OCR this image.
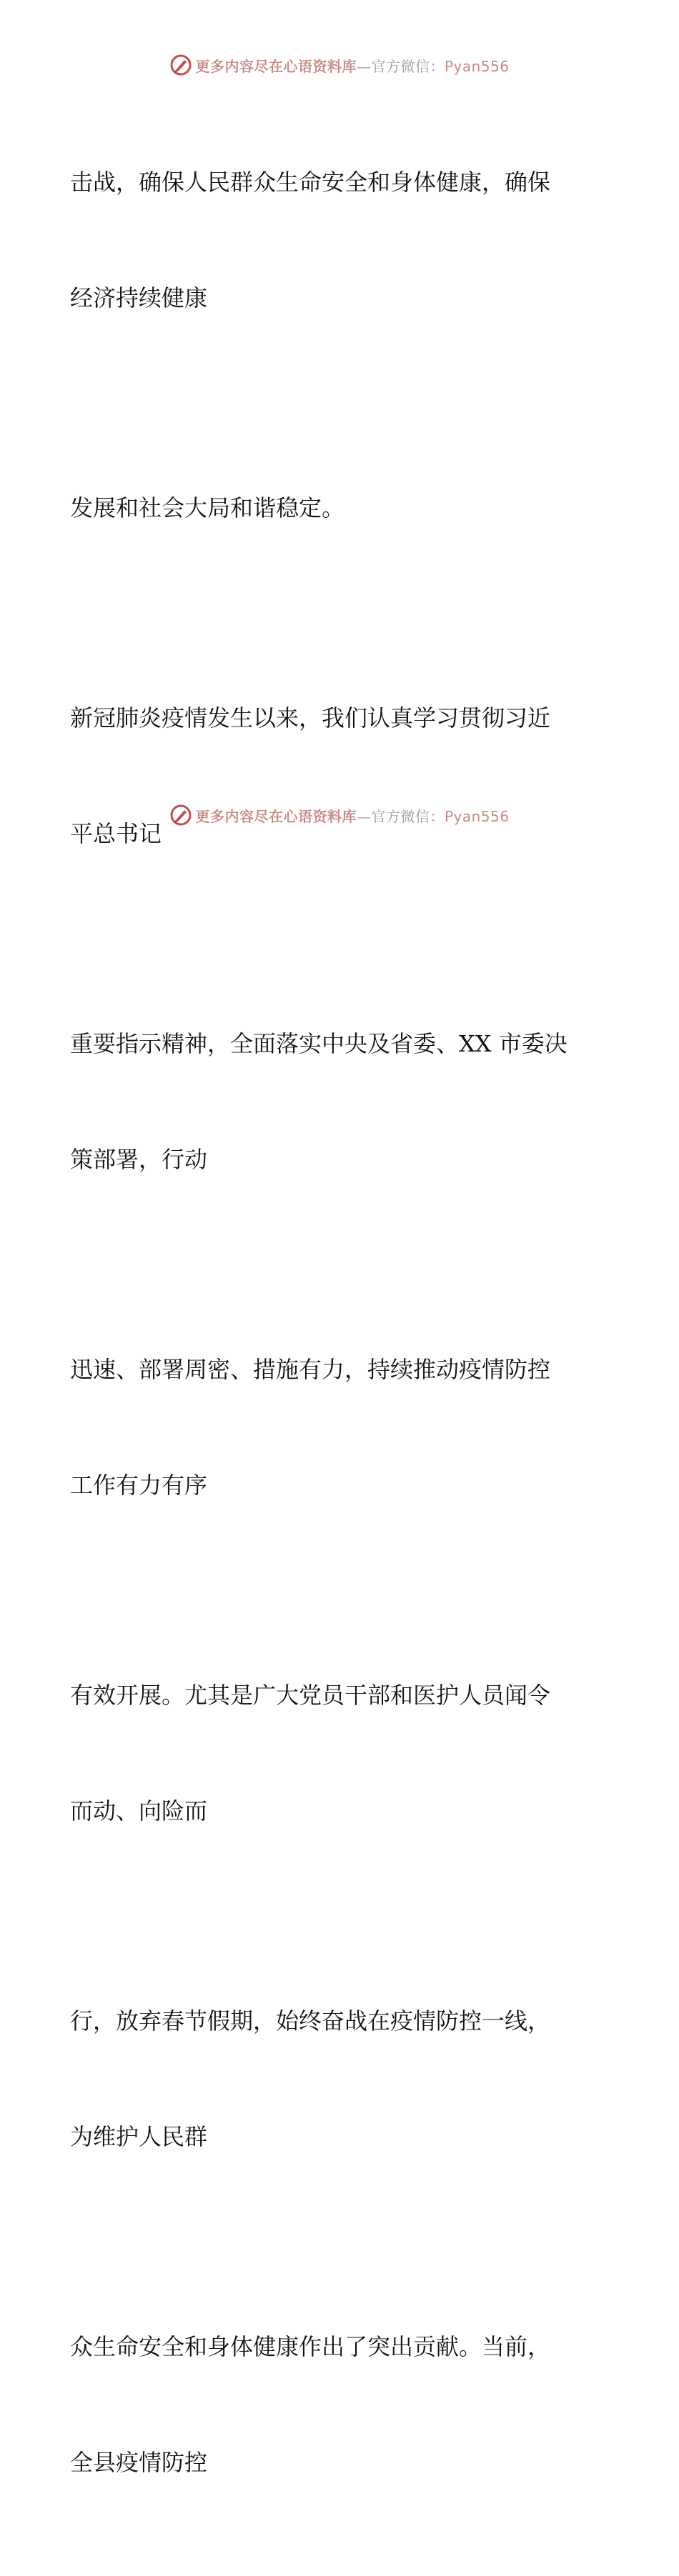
更多内容尽在心语资料库—官方微信：Pyan556

击战，确保人民群众生命安全和身体健康，确保

经济持续健康

发展和社会大局和谐稳定。

新冠肺炎疫情发生以来，我们认真学习贯彻习近

平总书记

重要指示精神，全面落实中央及省委、XX 市委决

策部署，行动

迅速、部署周密、措施有力，持续推动疫情防控

工作有力有序

有效开展。尤其是广大党员干部和医护人员闻令

而动、向险而

行，放弃春节假期，始终奋战在疫情防控一线，

为维护人民群

众生命安全和身体健康作出了突出贡献。当前，

全县疫情防控

更多内容尽在心语资料库—官方微信：Pyan556
